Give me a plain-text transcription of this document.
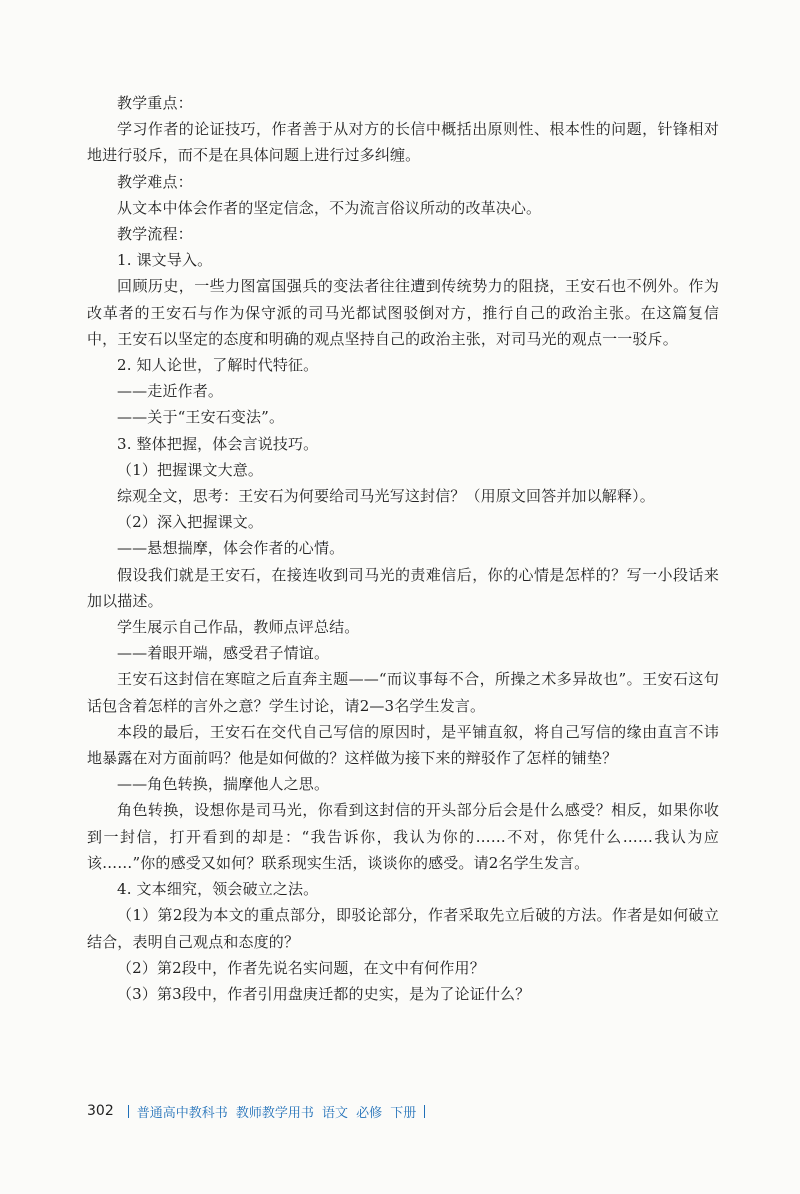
教学重点：

学习作者的论证技巧，作者善于从对方的长信中概括出原则性、根本性的问题，针锋相对地进行驳斥，而不是在具体问题上进行过多纠缠。

教学难点：

从文本中体会作者的坚定信念，不为流言俗议所动的改革决心。

教学流程：

1. 课文导入。

回顾历史，一些力图富国强兵的变法者往往遭到传统势力的阻挠，王安石也不例外。作为改革者的王安石与作为保守派的司马光都试图驳倒对方，推行自己的政治主张。在这篇复信中，王安石以坚定的态度和明确的观点坚持自己的政治主张，对司马光的观点一一驳斥。

2. 知人论世，了解时代特征。

——走近作者。

——关于“王安石变法”。

3. 整体把握，体会言说技巧。

（1）把握课文大意。

综观全文，思考：王安石为何要给司马光写这封信？（用原文回答并加以解释）。

（2）深入把握课文。

——悬想揣摩，体会作者的心情。

假设我们就是王安石，在接连收到司马光的责难信后，你的心情是怎样的？写一小段话来加以描述。

学生展示自己作品，教师点评总结。

——着眼开端，感受君子情谊。

王安石这封信在寒暄之后直奔主题——“而议事每不合，所操之术多异故也”。王安石这句话包含着怎样的言外之意？学生讨论，请2—3名学生发言。

本段的最后，王安石在交代自己写信的原因时，是平铺直叙，将自己写信的缘由直言不讳地暴露在对方面前吗？他是如何做的？这样做为接下来的辩驳作了怎样的铺垫？

——角色转换，揣摩他人之思。

角色转换，设想你是司马光，你看到这封信的开头部分后会是什么感受？相反，如果你收到一封信，打开看到的却是：“我告诉你，我认为你的……不对，你凭什么……我认为应该……”你的感受又如何？联系现实生活，谈谈你的感受。请2名学生发言。

4. 文本细究，领会破立之法。

（1）第2段为本文的重点部分，即驳论部分，作者采取先立后破的方法。作者是如何破立结合，表明自己观点和态度的？

（2）第2段中，作者先说名实问题，在文中有何作用？

（3）第3段中，作者引用盘庚迁都的史实，是为了论证什么？

302 普通高中教科书 教师教学用书 语文 必修 下册
